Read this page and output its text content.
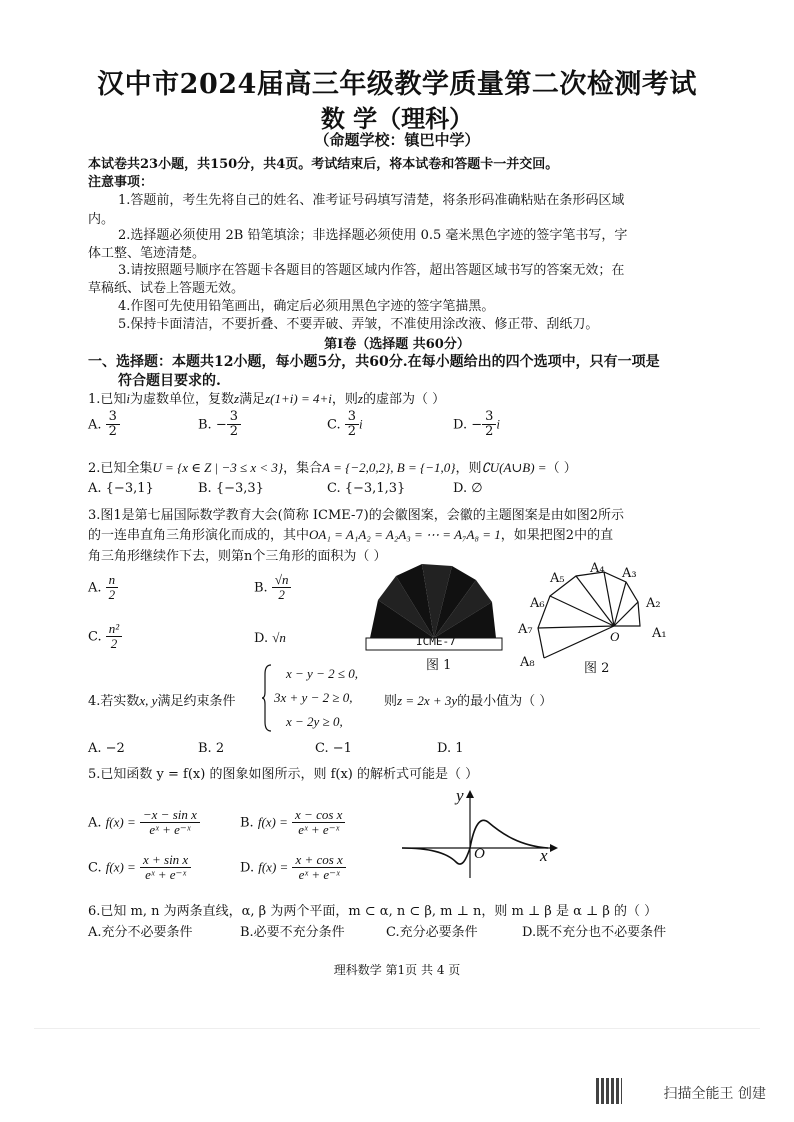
汉中市2024届高三年级教学质量第二次检测考试
数 学（理科）
（命题学校：镇巴中学）
本试卷共23小题，共150分，共4页。考试结束后，将本试卷和答题卡一并交回。
注意事项：
1.答题前，考生先将自己的姓名、准考证号码填写清楚，将条形码准确粘贴在条形码区域
内。
2.选择题必须使用 2B 铅笔填涂；非选择题必须使用 0.5 毫米黑色字迹的签字笔书写，字
体工整、笔迹清楚。
3.请按照题号顺序在答题卡各题目的答题区域内作答，超出答题区域书写的答案无效；在
草稿纸、试卷上答题无效。
4.作图可先使用铅笔画出，确定后必须用黑色字迹的签字笔描黑。
5.保持卡面清洁，不要折叠、不要弄破、弄皱，不准使用涂改液、修正带、刮纸刀。
第Ⅰ卷（选择题 共60分）
一、选择题：本题共12小题，每小题5分，共60分.在每小题给出的四个选项中，只有一项是
符合题目要求的.
1.已知i为虚数单位，复数z满足z(1+i) = 4+i，则z的虚部为（ ）
A. $\frac{3}{2}$	B. − $\frac{3}{2}$	C. $\frac{3}{2}$ i	D. − $\frac{3}{2}$ i
2.已知全集U = {x ∈ Z | −3 ≤ x < 3}，集合A = {−2,0,2}, B = {−1,0}，则∁U(A∪B) =（ ）
A. {−3,1}	B. {−3,3}	C. {−3,1,3}	D. ∅
3.图1是第七届国际数学教育大会(简称 ICME-7)的会徽图案，会徽的主题图案是由如图2所示
的一连串直角三角形演化而成的，其中OA₁ = A₁A₂ = A₂A₃ = ⋯ = A₇A₈ = 1，如果把图2中的直
角三角形继续作下去，则第n个三角形的面积为（ ）
A. $\frac{n}{2}$	B. $\frac{√n}{2}$
C. $\frac{\text{n²}}{2}$	D. √n	ICME-7
图 1
A₁
A₂
A₃
A₄
A₅
A₆
A₇
A₈
O
图 2
4.若实数x, y满足约束条件
x − y − 2 ≤ 0,
3x + y − 2 ≥ 0,
x − 2y ≥ 0,
则z = 2x + 3y的最小值为（ ）
A. −2	B. 2	C. −1	D. 1
5.已知函数 y = f(x) 的图象如图所示，则 f(x) 的解析式可能是（ ）
A. $f(x) = \frac{\text{−x − sin x}}{\text{eˣ + e⁻ˣ}}$	B. $f(x) = \frac{\text{x − cos x}}{\text{eˣ + e⁻ˣ}}$
C. $f(x) = \frac{\text{x + sin x}}{\text{eˣ + e⁻ˣ}}$	D. $f(x) = \frac{\text{x + cos x}}{\text{eˣ + e⁻ˣ}}$
y
x
O
6.已知 m, n 为两条直线，α, β 为两个平面，m ⊂ α, n ⊂ β, m ⊥ n，则 m ⊥ β 是 α ⊥ β 的（ ）
A.充分不必要条件	B.必要不充分条件	C.充分必要条件	D.既不充分也不必要条件
理科数学 第1页 共 4 页
扫描全能王 创建
